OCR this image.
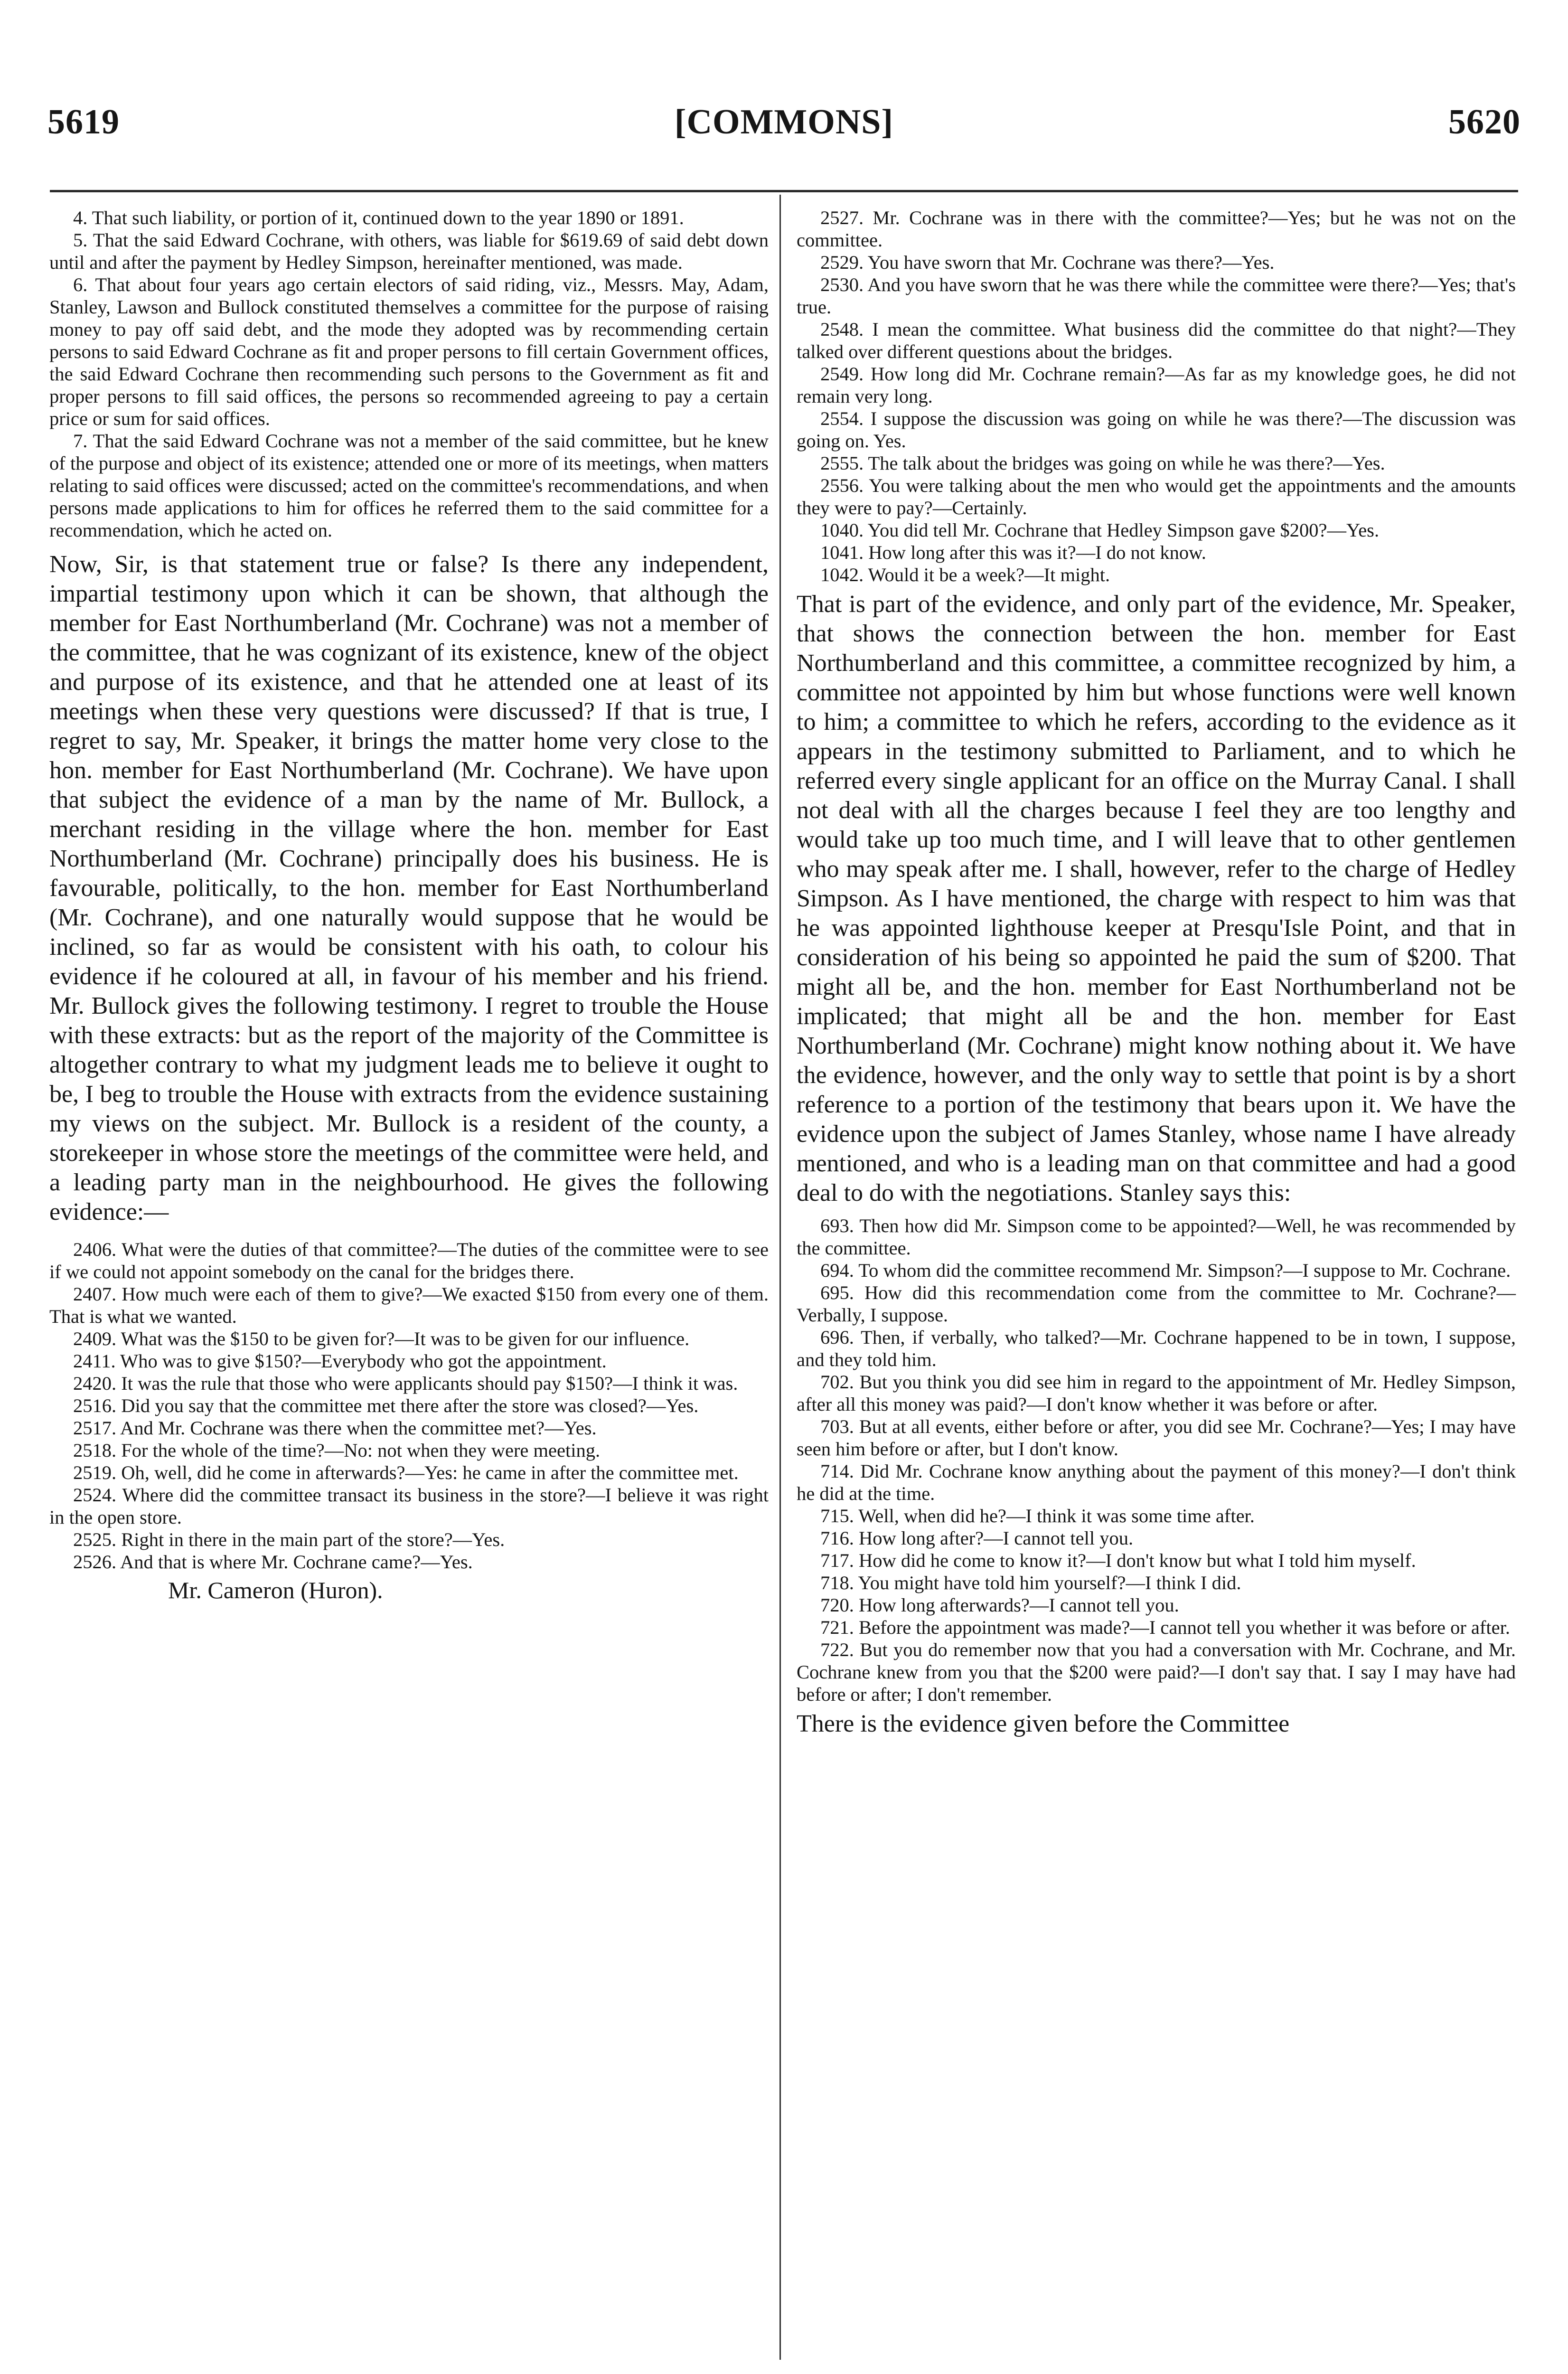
5619	[COMMONS]	5620

4. That such liability, or portion of it, continued down to the year 1890 or 1891.

5. That the said Edward Cochrane, with others, was liable for $619.69 of said debt down until and after the payment by Hedley Simpson, hereinafter mentioned, was made.

6. That about four years ago certain electors of said riding, viz., Messrs. May, Adam, Stanley, Lawson and Bullock constituted themselves a committee for the purpose of raising money to pay off said debt, and the mode they adopted was by recommending certain persons to said Edward Cochrane as fit and proper persons to fill certain Government offices, the said Edward Cochrane then recommending such persons to the Government as fit and proper persons to fill said offices, the persons so recommended agreeing to pay a certain price or sum for said offices.

7. That the said Edward Cochrane was not a member of the said committee, but he knew of the purpose and object of its existence; attended one or more of its meetings, when matters relating to said offices were discussed; acted on the committee's recommendations, and when persons made applications to him for offices he referred them to the said committee for a recommendation, which he acted on.

Now, Sir, is that statement true or false? Is there any independent, impartial testimony upon which it can be shown, that although the member for East Northumberland (Mr. Cochrane) was not a member of the committee, that he was cognizant of its existence, knew of the object and purpose of its existence, and that he attended one at least of its meetings when these very questions were discussed? If that is true, I regret to say, Mr. Speaker, it brings the matter home very close to the hon. member for East Northumberland (Mr. Cochrane). We have upon that subject the evidence of a man by the name of Mr. Bullock, a merchant residing in the village where the hon. member for East Northumberland (Mr. Cochrane) principally does his business. He is favourable, politically, to the hon. member for East Northumberland (Mr. Cochrane), and one naturally would suppose that he would be inclined, so far as would be consistent with his oath, to colour his evidence if he coloured at all, in favour of his member and his friend. Mr. Bullock gives the following testimony. I regret to trouble the House with these extracts: but as the report of the majority of the Committee is altogether contrary to what my judgment leads me to believe it ought to be, I beg to trouble the House with extracts from the evidence sustaining my views on the subject. Mr. Bullock is a resident of the county, a storekeeper in whose store the meetings of the committee were held, and a leading party man in the neighbourhood. He gives the following evidence:—

2406. What were the duties of that committee?—The duties of the committee were to see if we could not appoint somebody on the canal for the bridges there.

2407. How much were each of them to give?—We exacted $150 from every one of them. That is what we wanted.

2409. What was the $150 to be given for?—It was to be given for our influence.

2411. Who was to give $150?—Everybody who got the appointment.

2420. It was the rule that those who were applicants should pay $150?—I think it was.

2516. Did you say that the committee met there after the store was closed?—Yes.

2517. And Mr. Cochrane was there when the committee met?—Yes.

2518. For the whole of the time?—No: not when they were meeting.

2519. Oh, well, did he come in afterwards?—Yes: he came in after the committee met.

2524. Where did the committee transact its business in the store?—I believe it was right in the open store.

2525. Right in there in the main part of the store?—Yes.

2526. And that is where Mr. Cochrane came?—Yes.

Mr. Cameron (Huron).

2527. Mr. Cochrane was in there with the committee?—Yes; but he was not on the committee.

2529. You have sworn that Mr. Cochrane was there?—Yes.

2530. And you have sworn that he was there while the committee were there?—Yes; that's true.

2548. I mean the committee. What business did the committee do that night?—They talked over different questions about the bridges.

2549. How long did Mr. Cochrane remain?—As far as my knowledge goes, he did not remain very long.

2554. I suppose the discussion was going on while he was there?—The discussion was going on. Yes.

2555. The talk about the bridges was going on while he was there?—Yes.

2556. You were talking about the men who would get the appointments and the amounts they were to pay?—Certainly.

1040. You did tell Mr. Cochrane that Hedley Simpson gave $200?—Yes.

1041. How long after this was it?—I do not know.

1042. Would it be a week?—It might.

That is part of the evidence, and only part of the evidence, Mr. Speaker, that shows the connection between the hon. member for East Northumberland and this committee, a committee recognized by him, a committee not appointed by him but whose functions were well known to him; a committee to which he refers, according to the evidence as it appears in the testimony submitted to Parliament, and to which he referred every single applicant for an office on the Murray Canal. I shall not deal with all the charges because I feel they are too lengthy and would take up too much time, and I will leave that to other gentlemen who may speak after me. I shall, however, refer to the charge of Hedley Simpson. As I have mentioned, the charge with respect to him was that he was appointed lighthouse keeper at Presqu'Isle Point, and that in consideration of his being so appointed he paid the sum of $200. That might all be, and the hon. member for East Northumberland not be implicated; that might all be and the hon. member for East Northumberland (Mr. Cochrane) might know nothing about it. We have the evidence, however, and the only way to settle that point is by a short reference to a portion of the testimony that bears upon it. We have the evidence upon the subject of James Stanley, whose name I have already mentioned, and who is a leading man on that committee and had a good deal to do with the negotiations. Stanley says this:

693. Then how did Mr. Simpson come to be appointed?—Well, he was recommended by the committee.

694. To whom did the committee recommend Mr. Simpson?—I suppose to Mr. Cochrane.

695. How did this recommendation come from the committee to Mr. Cochrane?—Verbally, I suppose.

696. Then, if verbally, who talked?—Mr. Cochrane happened to be in town, I suppose, and they told him.

702. But you think you did see him in regard to the appointment of Mr. Hedley Simpson, after all this money was paid?—I don't know whether it was before or after.

703. But at all events, either before or after, you did see Mr. Cochrane?—Yes; I may have seen him before or after, but I don't know.

714. Did Mr. Cochrane know anything about the payment of this money?—I don't think he did at the time.

715. Well, when did he?—I think it was some time after.

716. How long after?—I cannot tell you.

717. How did he come to know it?—I don't know but what I told him myself.

718. You might have told him yourself?—I think I did.

720. How long afterwards?—I cannot tell you.

721. Before the appointment was made?—I cannot tell you whether it was before or after.

722. But you do remember now that you had a conversation with Mr. Cochrane, and Mr. Cochrane knew from you that the $200 were paid?—I don't say that. I say I may have had before or after; I don't remember.

There is the evidence given before the Committee
